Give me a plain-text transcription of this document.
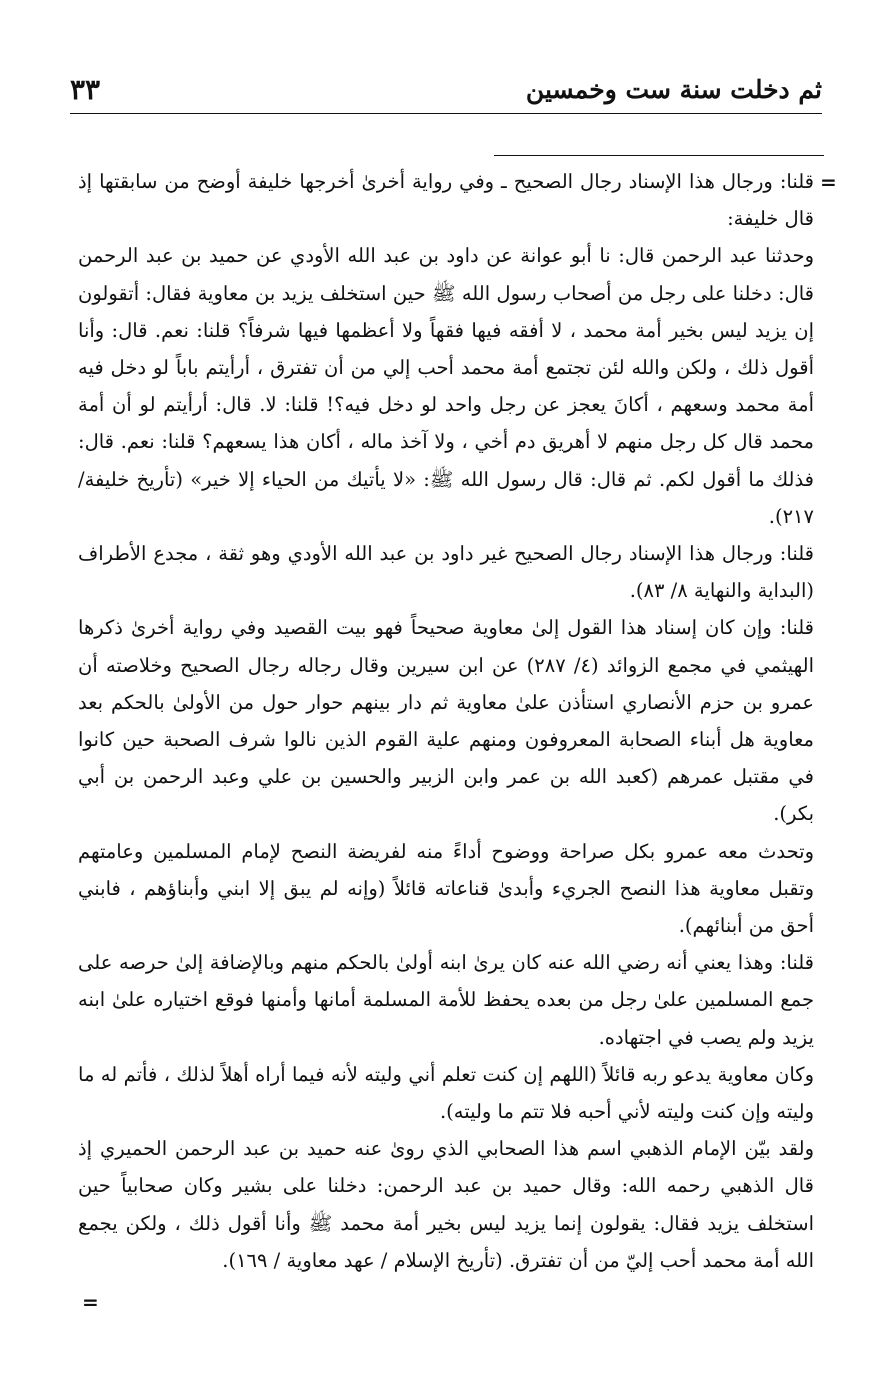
ثم دخلت سنة ست وخمسين
٣٣
=

قلنا: ورجال هذا الإسناد رجال الصحيح ـ وفي رواية أخرىٰ أخرجها خليفة أوضح من سابقتها إذ قال خليفة:

وحدثنا عبد الرحمن قال: نا أبو عوانة عن داود بن عبد الله الأودي عن حميد بن عبد الرحمن قال: دخلنا على رجل من أصحاب رسول الله ﷺ حين استخلف يزيد بن معاوية فقال: أتقولون إن يزيد ليس بخير أمة محمد ، لا أفقه فيها فقهاً ولا أعظمها فيها شرفاً؟ قلنا: نعم. قال: وأنا أقول ذلك ، ولكن والله لئن تجتمع أمة محمد أحب إلي من أن تفترق ، أرأيتم باباً لو دخل فيه أمة محمد وسعهم ، أكانَ يعجز عن رجل واحد لو دخل فيه؟! قلنا: لا. قال: أرأيتم لو أن أمة محمد قال كل رجل منهم لا أهريق دم أخي ، ولا آخذ ماله ، أكان هذا يسعهم؟ قلنا: نعم. قال: فذلك ما أقول لكم. ثم قال: قال رسول الله ﷺ: «لا يأتيك من الحياء إلا خير» (تأريخ خليفة/ ٢١٧).

قلنا: ورجال هذا الإسناد رجال الصحيح غير داود بن عبد الله الأودي وهو ثقة ، مجدع الأطراف (البداية والنهاية ٨/ ٨٣).

قلنا: وإن كان إسناد هذا القول إلىٰ معاوية صحيحاً فهو بيت القصيد وفي رواية أخرىٰ ذكرها الهيثمي في مجمع الزوائد (٤/ ٢٨٧) عن ابن سيرين وقال رجاله رجال الصحيح وخلاصته أن عمرو بن حزم الأنصاري استأذن علىٰ معاوية ثم دار بينهم حوار حول من الأولىٰ بالحكم بعد معاوية هل أبناء الصحابة المعروفون ومنهم علية القوم الذين نالوا شرف الصحبة حين كانوا في مقتبل عمرهم (كعبد الله بن عمر وابن الزبير والحسين بن علي وعبد الرحمن بن أبي بكر).

وتحدث معه عمرو بكل صراحة ووضوح أداءً منه لفريضة النصح لإمام المسلمين وعامتهم وتقبل معاوية هذا النصح الجريء وأبدىٰ قناعاته قائلاً (وإنه لم يبق إلا ابني وأبناؤهم ، فابني أحق من أبنائهم).

قلنا: وهذا يعني أنه رضي الله عنه كان يرىٰ ابنه أولىٰ بالحكم منهم وبالإضافة إلىٰ حرصه على جمع المسلمين علىٰ رجل من بعده يحفظ للأمة المسلمة أمانها وأمنها فوقع اختياره علىٰ ابنه يزيد ولم يصب في اجتهاده.

وكان معاوية يدعو ربه قائلاً (اللهم إن كنت تعلم أني وليته لأنه فيما أراه أهلاً لذلك ، فأتم له ما وليته وإن كنت وليته لأني أحبه فلا تتم ما وليته).

ولقد بيّن الإمام الذهبي اسم هذا الصحابي الذي روىٰ عنه حميد بن عبد الرحمن الحميري إذ قال الذهبي رحمه الله: وقال حميد بن عبد الرحمن: دخلنا على بشير وكان صحابياً حين استخلف يزيد فقال: يقولون إنما يزيد ليس بخير أمة محمد ﷺ وأنا أقول ذلك ، ولكن يجمع الله أمة محمد أحب إليّ من أن تفترق. (تأريخ الإسلام / عهد معاوية / ١٦٩).

=
